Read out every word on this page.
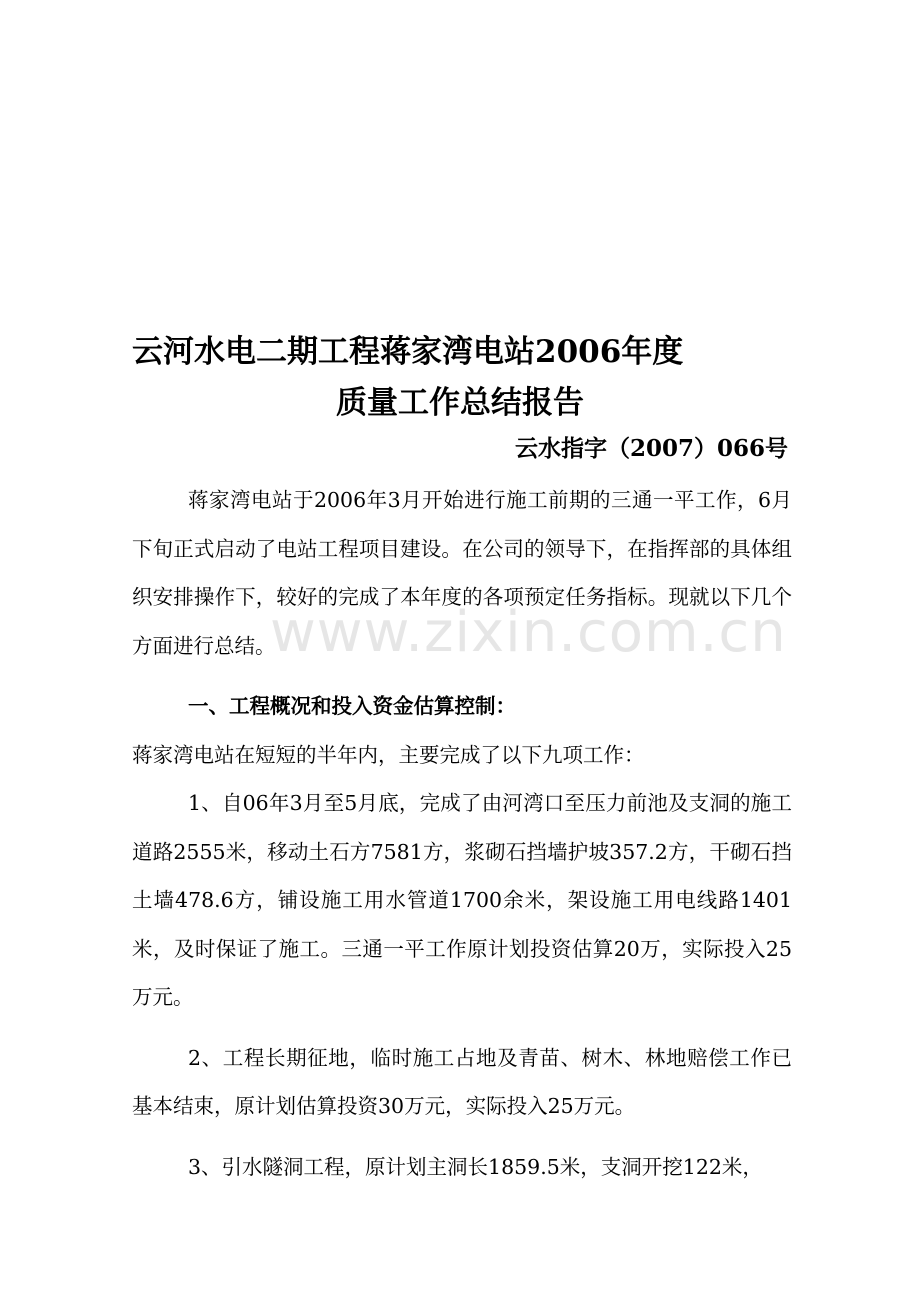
www.zixin.com.cn
云河水电二期工程蒋家湾电站2006年度
质量工作总结报告
云水指字（2007）066号

蒋家湾电站于2006年3月开始进行施工前期的三通一平工作，6月下旬正式启动了电站工程项目建设。在公司的领导下，在指挥部的具体组织安排操作下，较好的完成了本年度的各项预定任务指标。现就以下几个方面进行总结。

一、工程概况和投入资金估算控制：

蒋家湾电站在短短的半年内，主要完成了以下九项工作：

1、自06年3月至5月底，完成了由河湾口至压力前池及支洞的施工道路2555米，移动土石方7581方，浆砌石挡墙护坡357.2方，干砌石挡土墙478.6方，铺设施工用水管道1700余米，架设施工用电线路1401米，及时保证了施工。三通一平工作原计划投资估算20万，实际投入25万元。

2、工程长期征地，临时施工占地及青苗、树木、林地赔偿工作已基本结束，原计划估算投资30万元，实际投入25万元。

3、引水隧洞工程，原计划主洞长1859.5米，支洞开挖122米，
